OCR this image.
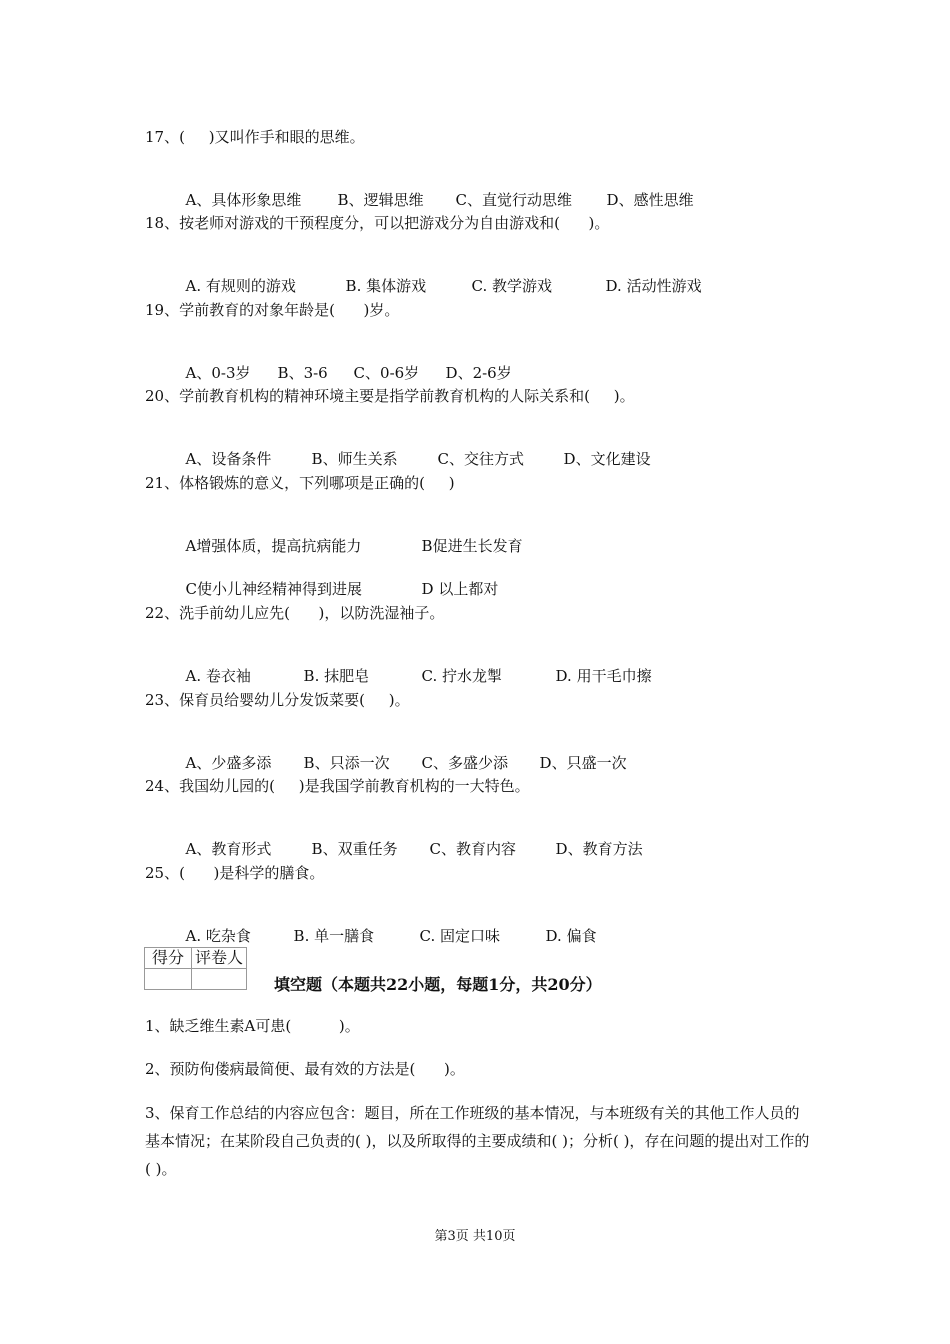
17、(     )又叫作手和眼的思维。

A、具体形象思维 B、逻辑思维 C、直觉行动思维 D、感性思维

18、按老师对游戏的干预程度分，可以把游戏分为自由游戏和(      )。

A. 有规则的游戏	B. 集体游戏	C. 教学游戏	D. 活动性游戏

19、学前教育的对象年龄是(      )岁。

A、0-3岁 B、3-6 C、0-6岁 D、2-6岁

20、学前教育机构的精神环境主要是指学前教育机构的人际关系和(     )。

A、设备条件	B、师生关系	C、交往方式	D、文化建设

21、体格锻炼的意义，下列哪项是正确的(     )

A增强体质，提高抗病能力	B促进生长发育

C使小儿神经精神得到进展	D 以上都对

22、洗手前幼儿应先(      )，以防洗湿袖子。

A. 卷衣袖	B. 抹肥皂	C. 拧水龙掣	D. 用干毛巾擦

23、保育员给婴幼儿分发饭菜要(     )。

A、少盛多添 B、只添一次 C、多盛少添 D、只盛一次

24、我国幼儿园的(     )是我国学前教育机构的一大特色。

A、教育形式	B、双重任务 C、教育内容	D、教育方法

25、(      )是科学的膳食。

A. 吃杂食	B. 单一膳食	C. 固定口味	D. 偏食

得分	评卷人

填空题（本题共22小题，每题1分，共20分）
1、缺乏维生素A可患(          )。
2、预防佝偻病最简便、最有效的方法是(      )。
3、保育工作总结的内容应包含：题目，所在工作班级的基本情况，与本班级有关的其他工作人员的基本情况；在某阶段自己负责的( )，以及所取得的主要成绩和( )；分析( )，存在问题的提出对工作的( )。
第3页 共10页
